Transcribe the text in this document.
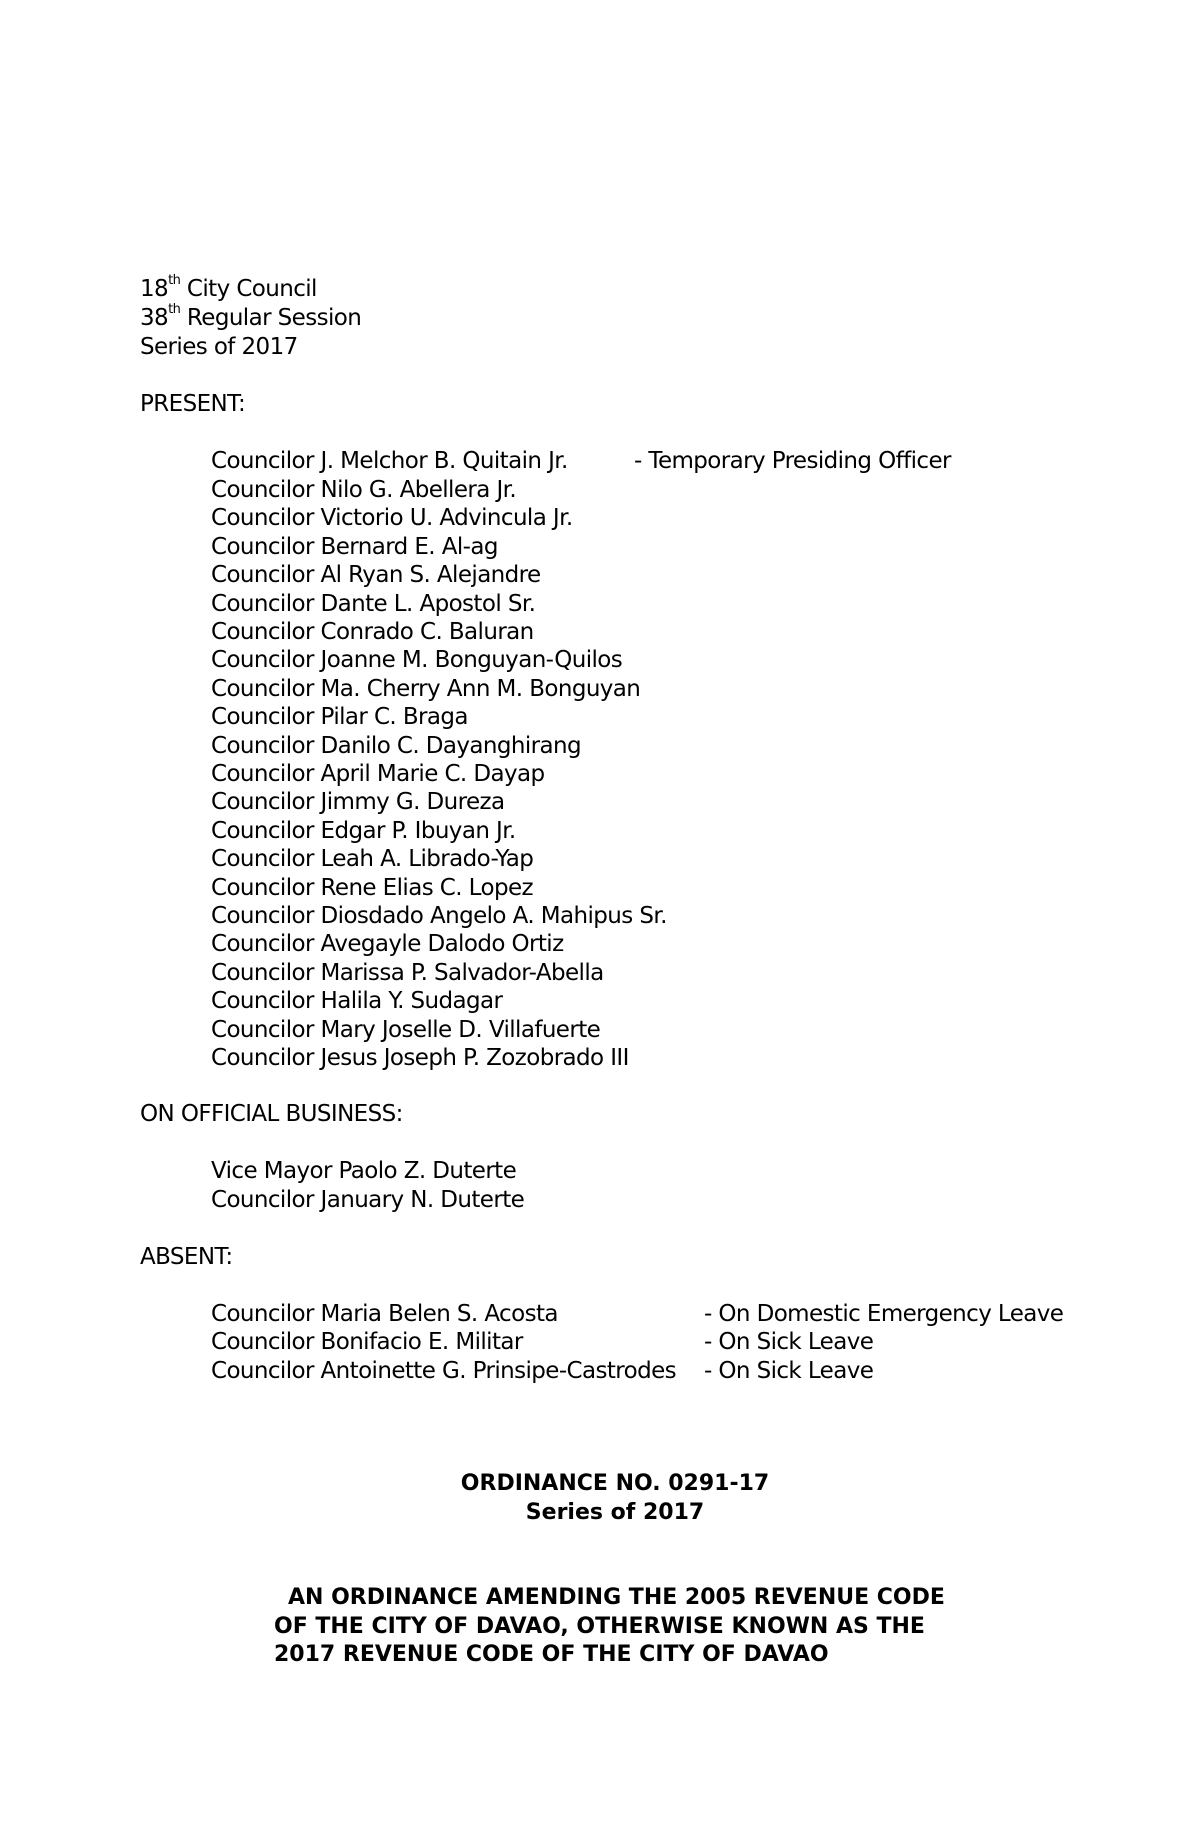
18th City Council
38th Regular Session
Series of 2017
PRESENT:
Councilor J. Melchor B. Quitain Jr.	- Temporary Presiding Officer
Councilor Nilo G. Abellera Jr.
Councilor Victorio U. Advincula Jr.
Councilor Bernard E. Al-ag
Councilor Al Ryan S. Alejandre
Councilor Dante L. Apostol Sr.
Councilor Conrado C. Baluran
Councilor Joanne M. Bonguyan-Quilos
Councilor Ma. Cherry Ann M. Bonguyan
Councilor Pilar C. Braga
Councilor Danilo C. Dayanghirang
Councilor April Marie C. Dayap
Councilor Jimmy G. Dureza
Councilor Edgar P. Ibuyan Jr.
Councilor Leah A. Librado-Yap
Councilor Rene Elias C. Lopez
Councilor Diosdado Angelo A. Mahipus Sr.
Councilor Avegayle Dalodo Ortiz
Councilor Marissa P. Salvador-Abella
Councilor Halila Y. Sudagar
Councilor Mary Joselle D. Villafuerte
Councilor Jesus Joseph P. Zozobrado III
ON OFFICIAL BUSINESS:
Vice Mayor Paolo Z. Duterte
Councilor January N. Duterte
ABSENT:
Councilor Maria Belen S. Acosta	- On Domestic Emergency Leave
Councilor Bonifacio E. Militar	- On Sick Leave
Councilor Antoinette G. Prinsipe-Castrodes - On Sick Leave
ORDINANCE NO. 0291-17
Series of 2017
AN ORDINANCE AMENDING THE 2005 REVENUE CODE
OF THE CITY OF DAVAO, OTHERWISE KNOWN AS THE
2017 REVENUE CODE OF THE CITY OF DAVAO
